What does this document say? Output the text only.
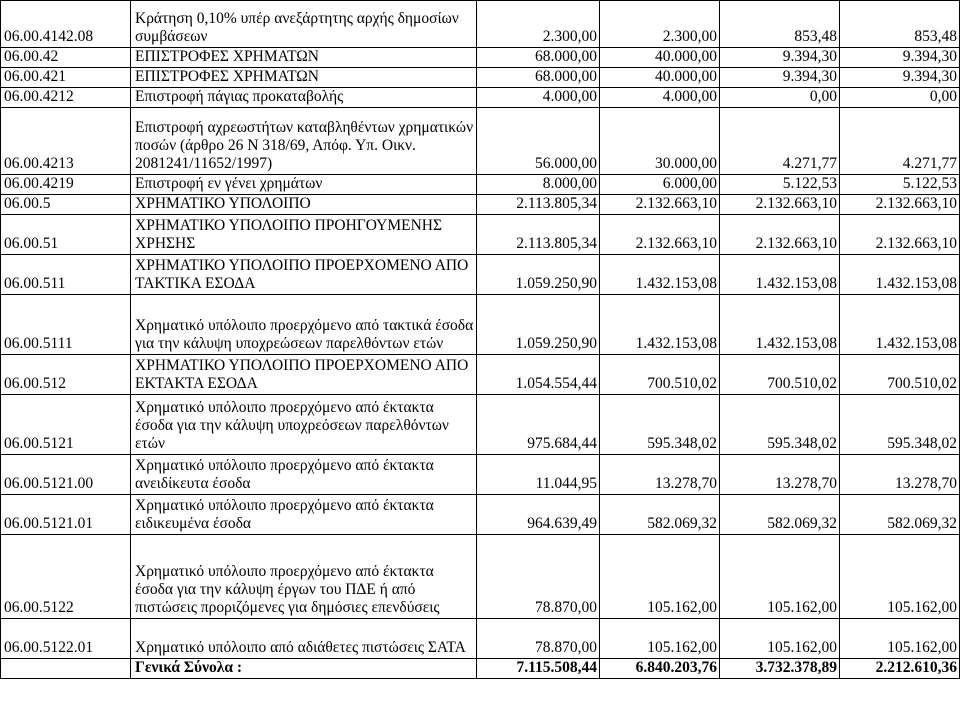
06.00.4142.08	Κράτηση 0,10% υπέρ ανεξάρτητης αρχής δημοσίων συμβάσεων	2.300,00	2.300,00	853,48	853,48
06.00.42	ΕΠΙΣΤΡΟΦΕΣ ΧΡΗΜΑΤΩΝ	68.000,00	40.000,00	9.394,30	9.394,30
06.00.421	ΕΠΙΣΤΡΟΦΕΣ ΧΡΗΜΑΤΩΝ	68.000,00	40.000,00	9.394,30	9.394,30
06.00.4212	Επιστροφή πάγιας προκαταβολής	4.000,00	4.000,00	0,00	0,00
06.00.4213	Επιστροφή αχρεωστήτων καταβληθέντων χρηματικών ποσών (άρθρο 26 Ν 318/69, Απόφ. Υπ. Οικν. 2081241/11652/1997)	56.000,00	30.000,00	4.271,77	4.271,77
06.00.4219	Επιστροφή εν γένει χρημάτων	8.000,00	6.000,00	5.122,53	5.122,53
06.00.5	ΧΡΗΜΑΤΙΚΟ ΥΠΟΛΟΙΠΟ	2.113.805,34	2.132.663,10	2.132.663,10	2.132.663,10
06.00.51	ΧΡΗΜΑΤΙΚΟ ΥΠΟΛΟΙΠΟ ΠΡΟΗΓΟΥΜΕΝΗΣ ΧΡΗΣΗΣ	2.113.805,34	2.132.663,10	2.132.663,10	2.132.663,10
06.00.511	ΧΡΗΜΑΤΙΚΟ ΥΠΟΛΟΙΠΟ ΠΡΟΕΡΧΟΜΕΝΟ ΑΠΟ ΤΑΚΤΙΚΑ ΕΣΟΔΑ	1.059.250,90	1.432.153,08	1.432.153,08	1.432.153,08
06.00.5111	Χρηματικό υπόλοιπο προερχόμενο από τακτικά έσοδα για την κάλυψη υποχρεώσεων παρελθόντων ετών	1.059.250,90	1.432.153,08	1.432.153,08	1.432.153,08
06.00.512	ΧΡΗΜΑΤΙΚΟ ΥΠΟΛΟΙΠΟ ΠΡΟΕΡΧΟΜΕΝΟ ΑΠΟ ΕΚΤΑΚΤΑ ΕΣΟΔΑ	1.054.554,44	700.510,02	700.510,02	700.510,02
06.00.5121	Χρηματικό υπόλοιπο προερχόμενο από έκτακτα έσοδα για την κάλυψη υποχρεόσεων παρελθόντων ετών	975.684,44	595.348,02	595.348,02	595.348,02
06.00.5121.00	Χρηματικό υπόλοιπο προερχόμενο από έκτακτα ανειδίκευτα έσοδα	11.044,95	13.278,70	13.278,70	13.278,70
06.00.5121.01	Χρηματικό υπόλοιπο προερχόμενο από έκτακτα ειδικευμένα έσοδα	964.639,49	582.069,32	582.069,32	582.069,32
06.00.5122	Χρηματικό υπόλοιπο προερχόμενο από έκτακτα έσοδα για την κάλυψη έργων του ΠΔΕ ή από πιστώσεις προριζόμενες για δημόσιες επενδύσεις	78.870,00	105.162,00	105.162,00	105.162,00
06.00.5122.01	Χρηματικό υπόλοιπο από αδιάθετες πιστώσεις ΣΑΤΑ	78.870,00	105.162,00	105.162,00	105.162,00
	Γενικά Σύνολα :	7.115.508,44	6.840.203,76	3.732.378,89	2.212.610,36
